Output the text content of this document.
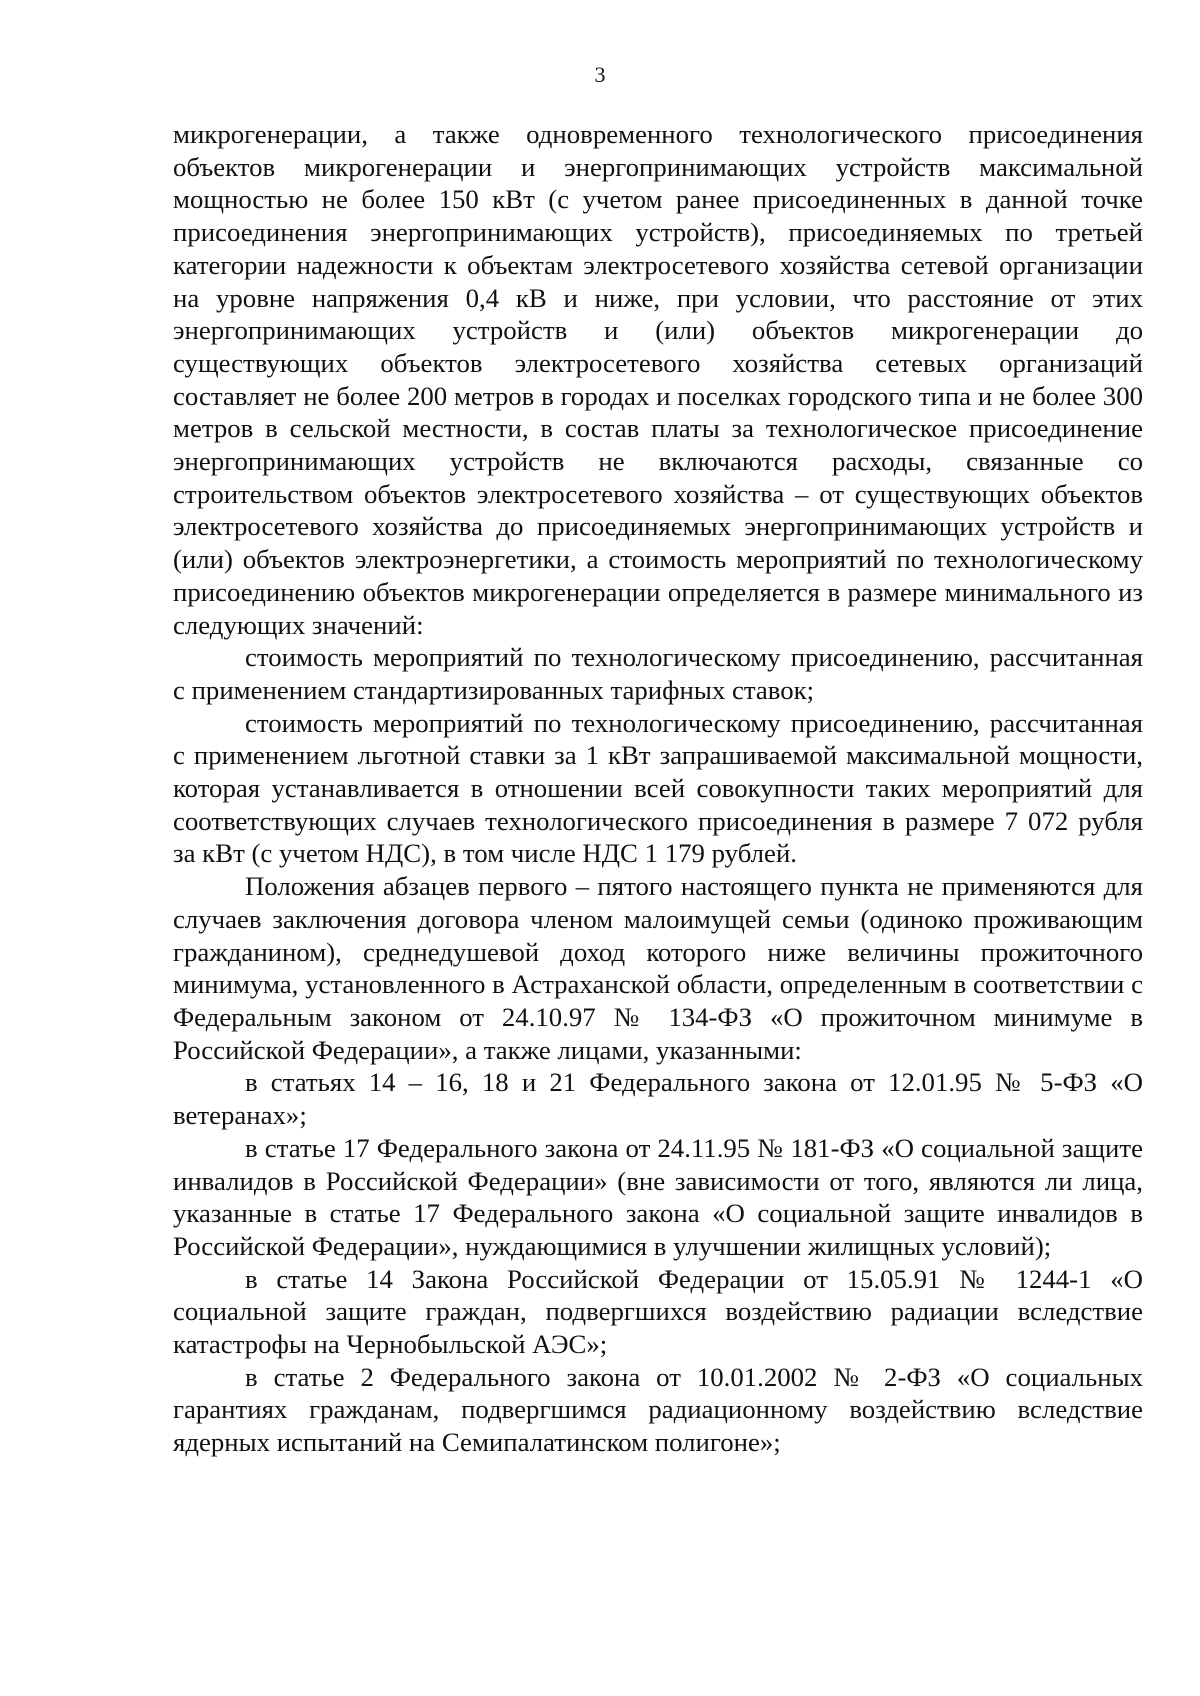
3

микрогенерации, а также одновременного технологического присоединения объектов микрогенерации и энергопринимающих устройств максимальной мощностью не более 150 кВт (с учетом ранее присоединенных в данной точке присоединения энергопринимающих устройств), присоединяемых по третьей категории надежности к объектам электросетевого хозяйства сетевой организации на уровне напряжения 0,4 кВ и ниже, при условии, что расстояние от этих энергопринимающих устройств и (или) объектов микрогенерации до существующих объектов электросетевого хозяйства сетевых организаций составляет не более 200 метров в городах и поселках городского типа и не более 300 метров в сельской местности, в состав платы за технологическое присоединение энергопринимающих устройств не включаются расходы, связанные со строительством объектов электросетевого хозяйства – от существующих объектов электросетевого хозяйства до присоединяемых энергопринимающих устройств и (или) объектов электроэнергетики, а стоимость мероприятий по технологическому присоединению объектов микрогенерации определяется в размере минимального из следующих значений:

стоимость мероприятий по технологическому присоединению, рассчитанная с применением стандартизированных тарифных ставок;

стоимость мероприятий по технологическому присоединению, рассчитанная с применением льготной ставки за 1 кВт запрашиваемой максимальной мощности, которая устанавливается в отношении всей совокупности таких мероприятий для соответствующих случаев технологического присоединения в размере 7 072 рубля за кВт (с учетом НДС), в том числе НДС 1 179 рублей.

Положения абзацев первого – пятого настоящего пункта не применяются для случаев заключения договора членом малоимущей семьи (одиноко проживающим гражданином), среднедушевой доход которого ниже величины прожиточного минимума, установленного в Астраханской области, определенным в соответствии с Федеральным законом от 24.10.97 № 134-ФЗ «О прожиточном минимуме в Российской Федерации», а также лицами, указанными:

в статьях 14 – 16, 18 и 21 Федерального закона от 12.01.95 № 5-ФЗ «О ветеранах»;

в статье 17 Федерального закона от 24.11.95 № 181-ФЗ «О социальной защите инвалидов в Российской Федерации» (вне зависимости от того, являются ли лица, указанные в статье 17 Федерального закона «О социальной защите инвалидов в Российской Федерации», нуждающимися в улучшении жилищных условий);

в статье 14 Закона Российской Федерации от 15.05.91 № 1244-1 «О социальной защите граждан, подвергшихся воздействию радиации вследствие катастрофы на Чернобыльской АЭС»;

в статье 2 Федерального закона от 10.01.2002 № 2-ФЗ «О социальных гарантиях гражданам, подвергшимся радиационному воздействию вследствие ядерных испытаний на Семипалатинском полигоне»;
